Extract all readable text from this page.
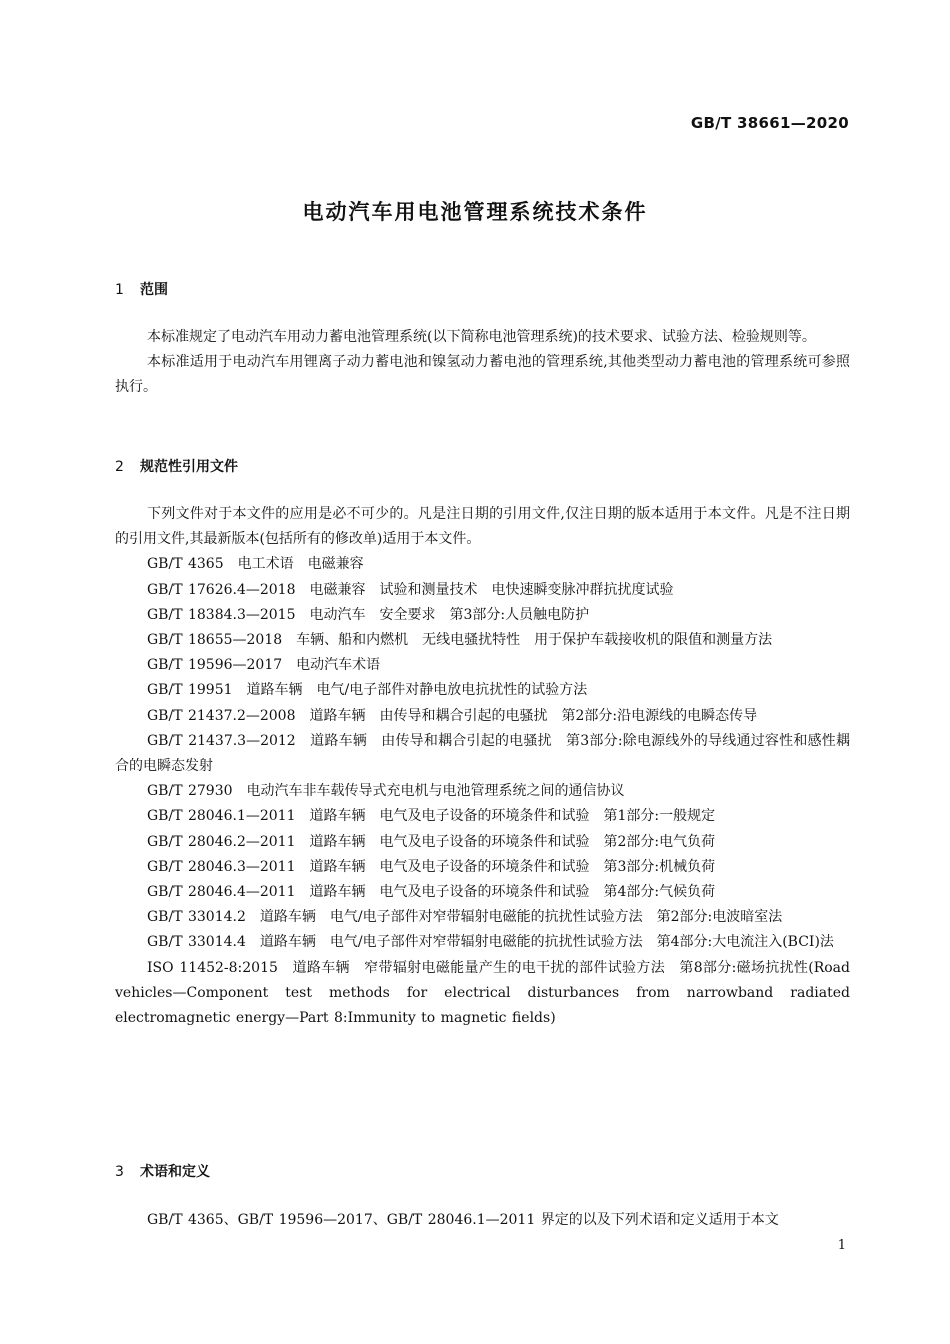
GB/T 38661—2020
电动汽车用电池管理系统技术条件
1 范围

本标准规定了电动汽车用动力蓄电池管理系统(以下简称电池管理系统)的技术要求、试验方法、检验规则等。

本标准适用于电动汽车用锂离子动力蓄电池和镍氢动力蓄电池的管理系统,其他类型动力蓄电池的管理系统可参照执行。

2 规范性引用文件

下列文件对于本文件的应用是必不可少的。凡是注日期的引用文件,仅注日期的版本适用于本文件。凡是不注日期的引用文件,其最新版本(包括所有的修改单)适用于本文件。

GB/T 4365　电工术语　电磁兼容

GB/T 17626.4—2018　电磁兼容　试验和测量技术　电快速瞬变脉冲群抗扰度试验

GB/T 18384.3—2015　电动汽车　安全要求　第3部分:人员触电防护

GB/T 18655—2018　车辆、船和内燃机　无线电骚扰特性　用于保护车载接收机的限值和测量方法

GB/T 19596—2017　电动汽车术语

GB/T 19951　道路车辆　电气/电子部件对静电放电抗扰性的试验方法

GB/T 21437.2—2008　道路车辆　由传导和耦合引起的电骚扰　第2部分:沿电源线的电瞬态传导

GB/T 21437.3—2012　道路车辆　由传导和耦合引起的电骚扰　第3部分:除电源线外的导线通过容性和感性耦合的电瞬态发射

GB/T 27930　电动汽车非车载传导式充电机与电池管理系统之间的通信协议

GB/T 28046.1—2011　道路车辆　电气及电子设备的环境条件和试验　第1部分:一般规定

GB/T 28046.2—2011　道路车辆　电气及电子设备的环境条件和试验　第2部分:电气负荷

GB/T 28046.3—2011　道路车辆　电气及电子设备的环境条件和试验　第3部分:机械负荷

GB/T 28046.4—2011　道路车辆　电气及电子设备的环境条件和试验　第4部分:气候负荷

GB/T 33014.2　道路车辆　电气/电子部件对窄带辐射电磁能的抗扰性试验方法　第2部分:电波暗室法

GB/T 33014.4　道路车辆　电气/电子部件对窄带辐射电磁能的抗扰性试验方法　第4部分:大电流注入(BCI)法

ISO 11452-8:2015　道路车辆　窄带辐射电磁能量产生的电干扰的部件试验方法　第8部分:磁场抗扰性(Road vehicles—Component test methods for electrical disturbances from narrowband radiated electromagnetic energy—Part 8:Immunity to magnetic fields)

3 术语和定义

GB/T 4365、GB/T 19596—2017、GB/T 28046.1—2011 界定的以及下列术语和定义适用于本文

1
